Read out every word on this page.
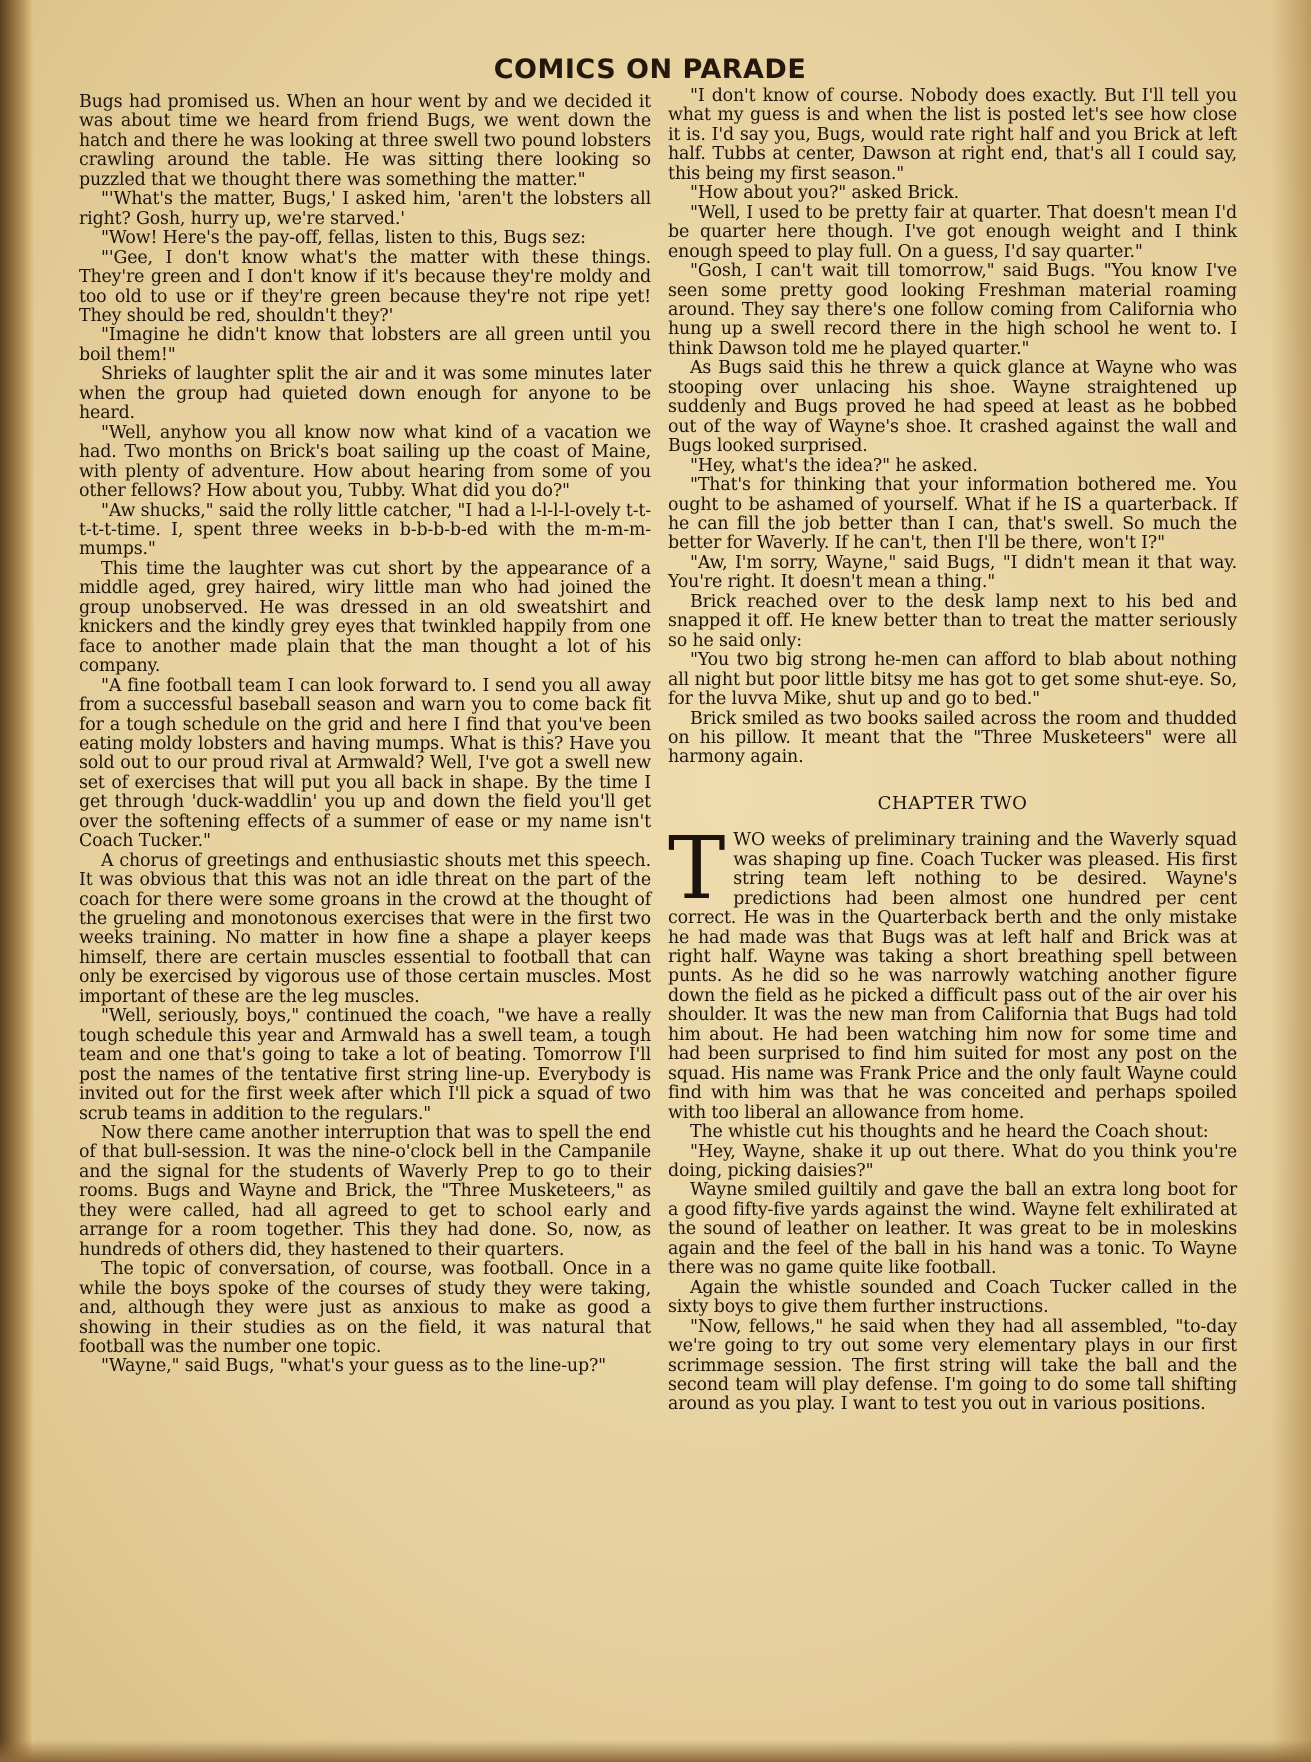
COMICS ON PARADE

Bugs had promised us. When an hour went by and we decided it was about time we heard from friend Bugs, we went down the hatch and there he was looking at three swell two pound lobsters crawling around the table. He was sitting there looking so puzzled that we thought there was something the matter."

"'What's the matter, Bugs,' I asked him, 'aren't the lobsters all right? Gosh, hurry up, we're starved.'

"Wow! Here's the pay-off, fellas, listen to this, Bugs sez:

"'Gee, I don't know what's the matter with these things. They're green and I don't know if it's because they're moldy and too old to use or if they're green because they're not ripe yet! They should be red, shouldn't they?'

"Imagine he didn't know that lobsters are all green until you boil them!"

Shrieks of laughter split the air and it was some minutes later when the group had quieted down enough for anyone to be heard.

"Well, anyhow you all know now what kind of a vacation we had. Two months on Brick's boat sailing up the coast of Maine, with plenty of adventure. How about hearing from some of you other fellows? How about you, Tubby. What did you do?"

"Aw shucks," said the rolly little catcher, "I had a l-l-l-l-ovely t-t-t-t-t-time. I, spent three weeks in b-b-b-b-ed with the m-m-m-mumps."

This time the laughter was cut short by the appearance of a middle aged, grey haired, wiry little man who had joined the group unobserved. He was dressed in an old sweatshirt and knickers and the kindly grey eyes that twinkled happily from one face to another made plain that the man thought a lot of his company.

"A fine football team I can look forward to. I send you all away from a successful baseball season and warn you to come back fit for a tough schedule on the grid and here I find that you've been eating moldy lobsters and having mumps. What is this? Have you sold out to our proud rival at Armwald? Well, I've got a swell new set of exercises that will put you all back in shape. By the time I get through 'duck-waddlin' you up and down the field you'll get over the softening effects of a summer of ease or my name isn't Coach Tucker."

A chorus of greetings and enthusiastic shouts met this speech. It was obvious that this was not an idle threat on the part of the coach for there were some groans in the crowd at the thought of the grueling and monotonous exercises that were in the first two weeks training. No matter in how fine a shape a player keeps himself, there are certain muscles essential to football that can only be exercised by vigorous use of those certain muscles. Most important of these are the leg muscles.

"Well, seriously, boys," continued the coach, "we have a really tough schedule this year and Armwald has a swell team, a tough team and one that's going to take a lot of beating. Tomorrow I'll post the names of the tentative first string line-up. Everybody is invited out for the first week after which I'll pick a squad of two scrub teams in addition to the regulars."

Now there came another interruption that was to spell the end of that bull-session. It was the nine-o'clock bell in the Campanile and the signal for the students of Waverly Prep to go to their rooms. Bugs and Wayne and Brick, the "Three Musketeers," as they were called, had all agreed to get to school early and arrange for a room together. This they had done. So, now, as hundreds of others did, they hastened to their quarters.

The topic of conversation, of course, was football. Once in a while the boys spoke of the courses of study they were taking, and, although they were just as anxious to make as good a showing in their studies as on the field, it was natural that football was the number one topic.

"Wayne," said Bugs, "what's your guess as to the line-up?"

"I don't know of course. Nobody does exactly. But I'll tell you what my guess is and when the list is posted let's see how close it is. I'd say you, Bugs, would rate right half and you Brick at left half. Tubbs at center, Dawson at right end, that's all I could say, this being my first season."

"How about you?" asked Brick.

"Well, I used to be pretty fair at quarter. That doesn't mean I'd be quarter here though. I've got enough weight and I think enough speed to play full. On a guess, I'd say quarter."

"Gosh, I can't wait till tomorrow," said Bugs. "You know I've seen some pretty good looking Freshman material roaming around. They say there's one follow coming from California who hung up a swell record there in the high school he went to. I think Dawson told me he played quarter."

As Bugs said this he threw a quick glance at Wayne who was stooping over unlacing his shoe. Wayne straightened up suddenly and Bugs proved he had speed at least as he bobbed out of the way of Wayne's shoe. It crashed against the wall and Bugs looked surprised.

"Hey, what's the idea?" he asked.

"That's for thinking that your information bothered me. You ought to be ashamed of yourself. What if he IS a quarterback. If he can fill the job better than I can, that's swell. So much the better for Waverly. If he can't, then I'll be there, won't I?"

"Aw, I'm sorry, Wayne," said Bugs, "I didn't mean it that way. You're right. It doesn't mean a thing."

Brick reached over to the desk lamp next to his bed and snapped it off. He knew better than to treat the matter seriously so he said only:

"You two big strong he-men can afford to blab about nothing all night but poor little bitsy me has got to get some shut-eye. So, for the luvva Mike, shut up and go to bed."

Brick smiled as two books sailed across the room and thudded on his pillow. It meant that the "Three Musketeers" were all harmony again.

CHAPTER TWO

TWO weeks of preliminary training and the Waverly squad was shaping up fine. Coach Tucker was pleased. His first string team left nothing to be desired. Wayne's predictions had been almost one hundred per cent correct. He was in the Quarterback berth and the only mistake he had made was that Bugs was at left half and Brick was at right half. Wayne was taking a short breathing spell between punts. As he did so he was narrowly watching another figure down the field as he picked a difficult pass out of the air over his shoulder. It was the new man from California that Bugs had told him about. He had been watching him now for some time and had been surprised to find him suited for most any post on the squad. His name was Frank Price and the only fault Wayne could find with him was that he was conceited and perhaps spoiled with too liberal an allowance from home.

The whistle cut his thoughts and he heard the Coach shout:

"Hey, Wayne, shake it up out there. What do you think you're doing, picking daisies?"

Wayne smiled guiltily and gave the ball an extra long boot for a good fifty-five yards against the wind. Wayne felt exhilirated at the sound of leather on leather. It was great to be in moleskins again and the feel of the ball in his hand was a tonic. To Wayne there was no game quite like football.

Again the whistle sounded and Coach Tucker called in the sixty boys to give them further instructions.

"Now, fellows," he said when they had all assembled, "to-day we're going to try out some very elementary plays in our first scrimmage session. The first string will take the ball and the second team will play defense. I'm going to do some tall shifting around as you play. I want to test you out in various positions.
